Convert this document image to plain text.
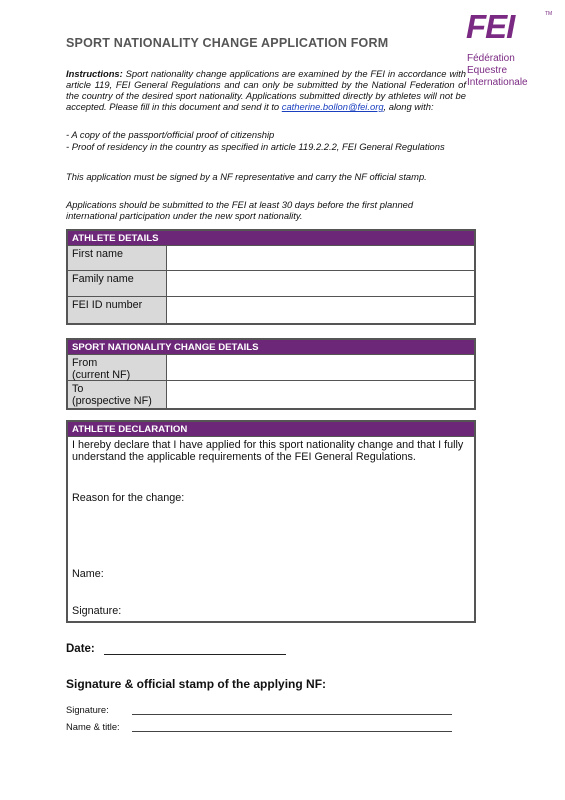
SPORT NATIONALITY CHANGE APPLICATION FORM FEI	TM
Fédération
Equestre
Internationale
Instructions: Sport nationality change applications are examined by the FEI in accordance with article 119, FEI General Regulations and can only be submitted by the National Federation of the country of the desired sport nationality. Applications submitted directly by athletes will not be accepted. Please fill in this document and send it to catherine.bollon@fei.org, along with:
- A copy of the passport/official proof of citizenship
- Proof of residency in the country as specified in article 119.2.2.2, FEI General Regulations
This application must be signed by a NF representative and carry the NF official stamp.
Applications should be submitted to the FEI at least 30 days before the first planned international participation under the new sport nationality.
ATHLETE DETAILS
First name
Family name
FEI ID number
SPORT NATIONALITY CHANGE DETAILS
From
(current NF)
To
(prospective NF)
ATHLETE DECLARATION
I hereby declare that I have applied for this sport nationality change and that I fully understand the applicable requirements of the FEI General Regulations.
Reason for the change:
Name:
Signature:
Date:
Signature & official stamp of the applying NF:
Signature:
Name & title:
